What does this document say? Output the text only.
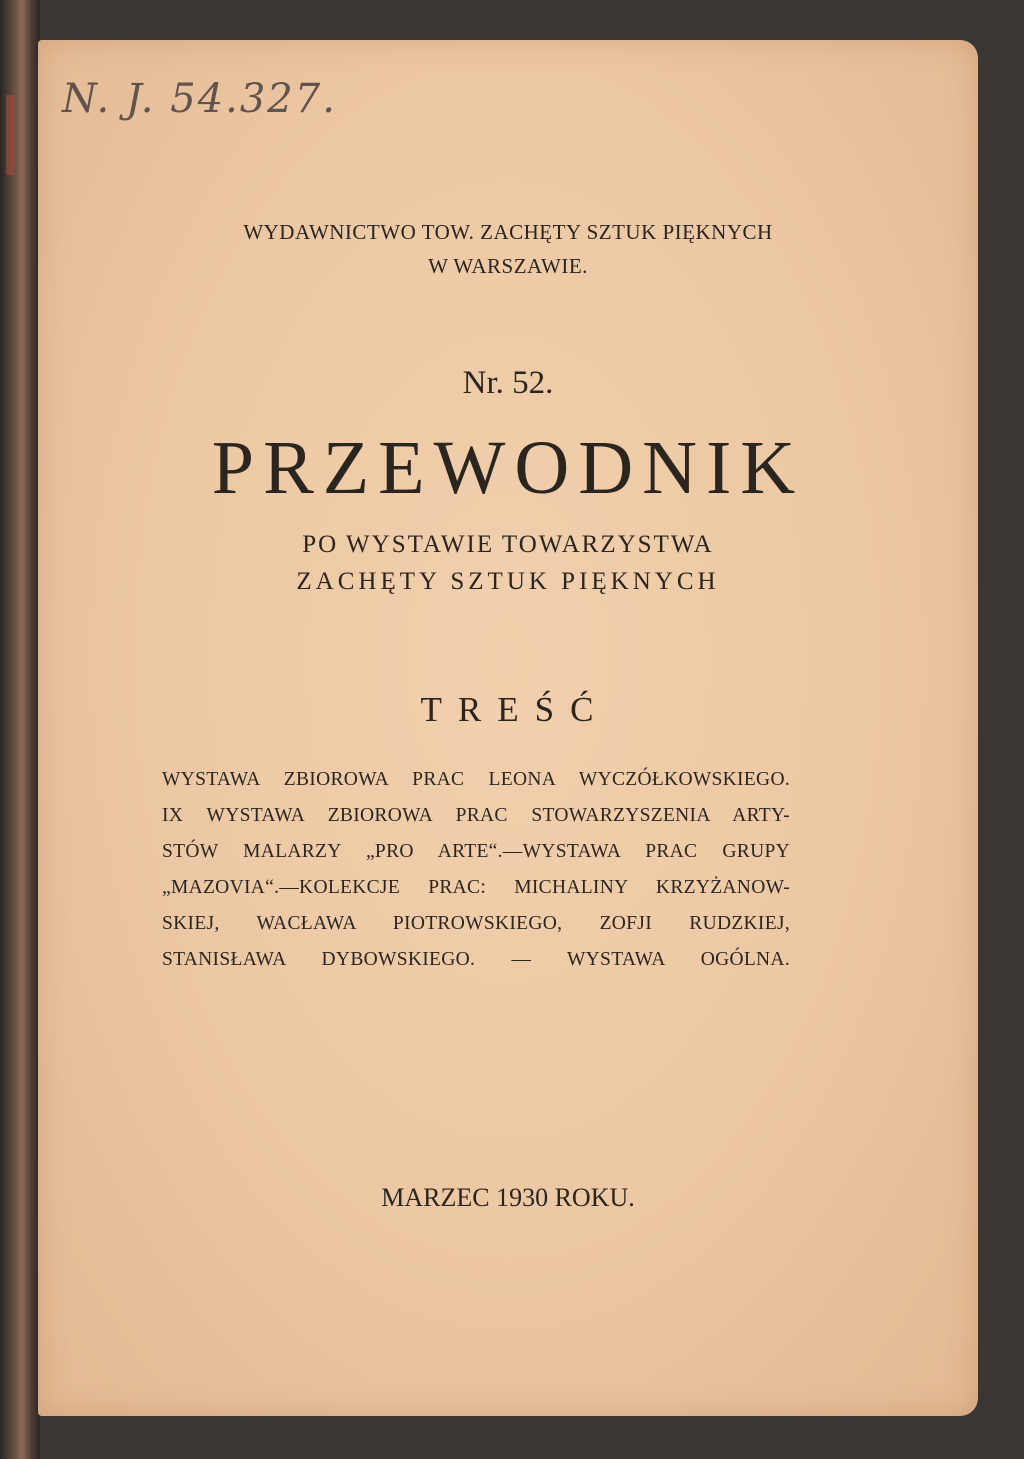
N. J. 54.327.
WYDAWNICTWO TOW. ZACHĘTY SZTUK PIĘKNYCH
W WARSZAWIE.
Nr. 52.
PRZEWODNIK
PO WYSTAWIE TOWARZYSTWA
ZACHĘTY SZTUK PIĘKNYCH
TREŚĆ
WYSTAWA ZBIOROWA PRAC LEONA WYCZÓŁKOWSKIEGO.
IX WYSTAWA ZBIOROWA PRAC STOWARZYSZENIA ARTY-
STÓW MALARZY „PRO ARTE“.—WYSTAWA PRAC GRUPY
„MAZOVIA“.—KOLEKCJE PRAC: MICHALINY KRZYŻANOW-
SKIEJ, WACŁAWA PIOTROWSKIEGO, ZOFJI RUDZKIEJ,
STANISŁAWA DYBOWSKIEGO. — WYSTAWA OGÓLNA.
MARZEC 1930 ROKU.
